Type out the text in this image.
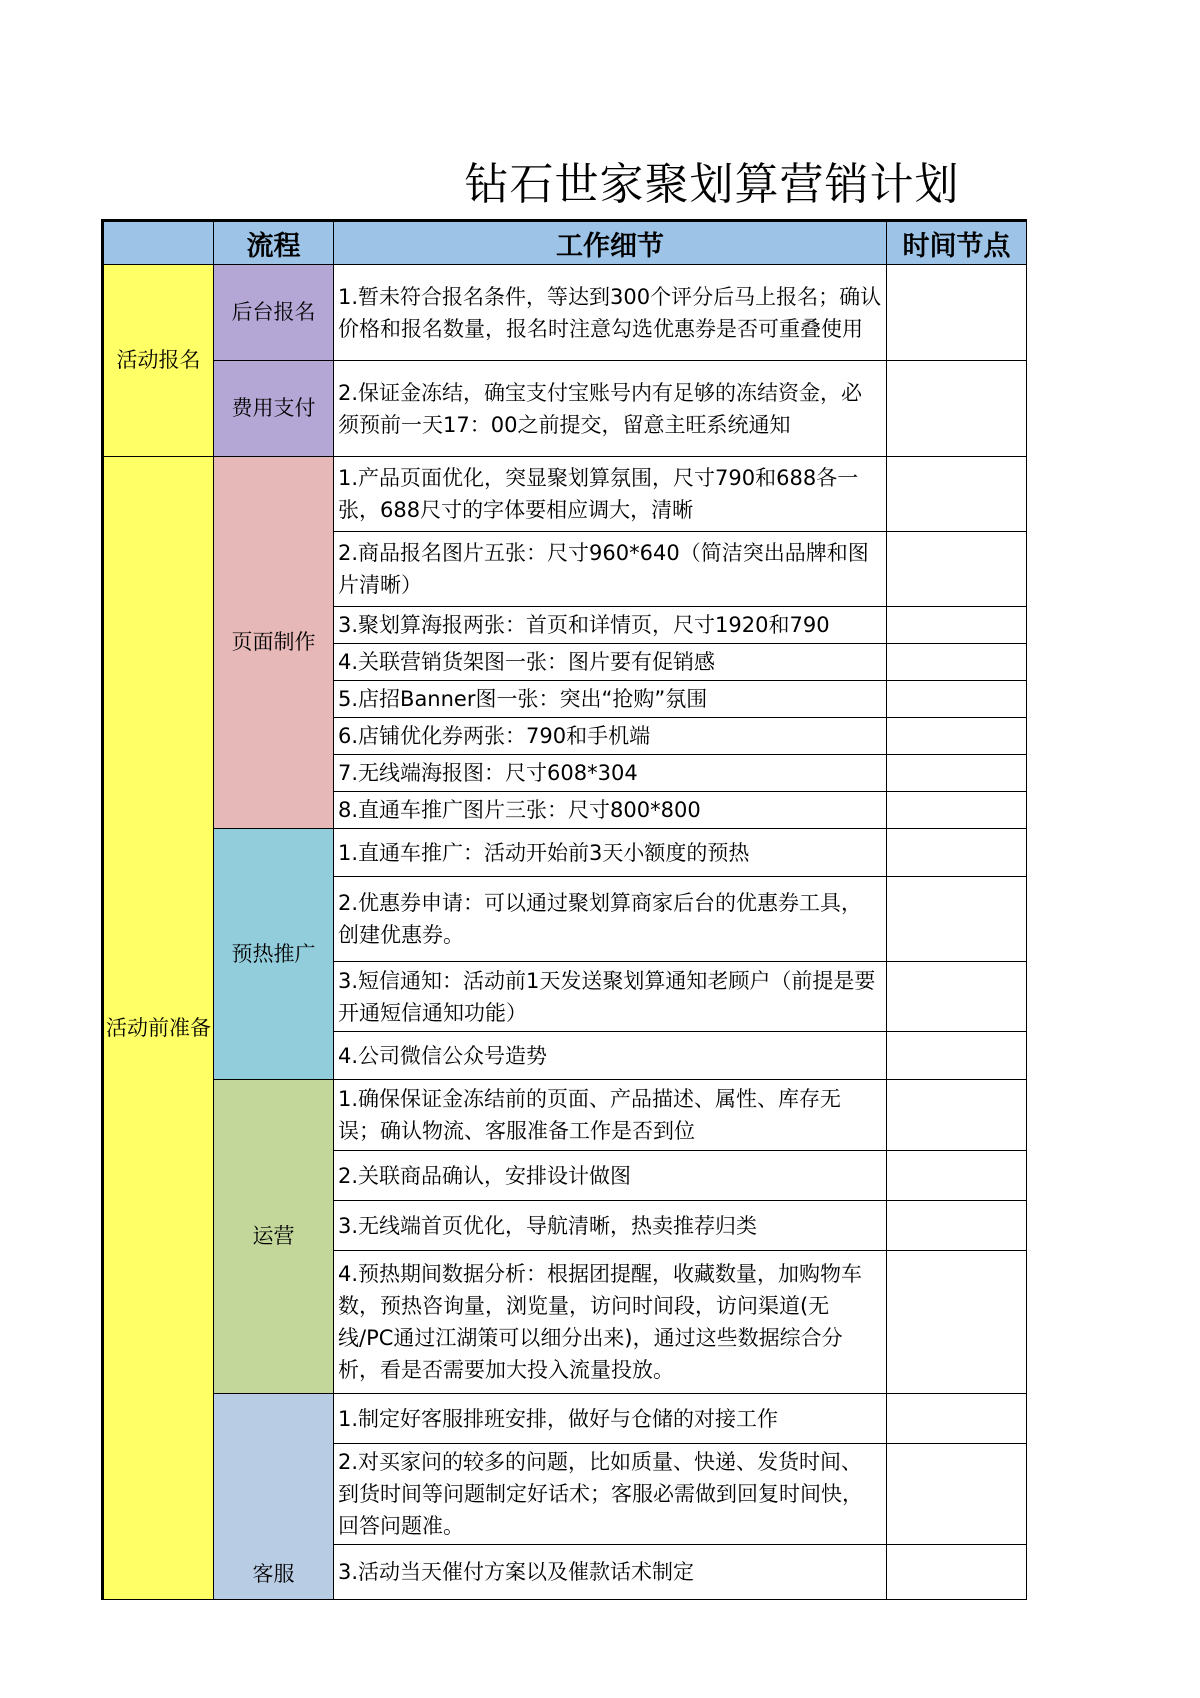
钻石世家聚划算营销计划
	流程	工作细节	时间节点
活动报名	后台报名	1.暂未符合报名条件，等达到300个评分后马上报名；确认价格和报名数量，报名时注意勾选优惠券是否可重叠使用	
	费用支付	2.保证金冻结，确宝支付宝账号内有足够的冻结资金，必须预前一天17：00之前提交，留意主旺系统通知	
活动前准备	页面制作	1.产品页面优化，突显聚划算氛围，尺寸790和688各一张，688尺寸的字体要相应调大，清晰	
		2.商品报名图片五张：尺寸960*640（简洁突出品牌和图片清晰）	
		3.聚划算海报两张：首页和详情页，尺寸1920和790	
		4.关联营销货架图一张：图片要有促销感	
		5.店招Banner图一张：突出“抢购”氛围	
		6.店铺优化券两张：790和手机端	
		7.无线端海报图：尺寸608*304	
		8.直通车推广图片三张：尺寸800*800	
	预热推广	1.直通车推广：活动开始前3天小额度的预热	
		2.优惠券申请：可以通过聚划算商家后台的优惠券工具，创建优惠券。	
		3.短信通知：活动前1天发送聚划算通知老顾户（前提是要开通短信通知功能）	
		4.公司微信公众号造势	
	运营	1.确保保证金冻结前的页面、产品描述、属性、库存无误；确认物流、客服准备工作是否到位	
		2.关联商品确认，安排设计做图	
		3.无线端首页优化，导航清晰，热卖推荐归类	
		4.预热期间数据分析：根据团提醒，收藏数量，加购物车数，预热咨询量，浏览量，访问时间段，访问渠道(无线/PC通过江湖策可以细分出来)，通过这些数据综合分析，看是否需要加大投入流量投放。	
	客服	1.制定好客服排班安排，做好与仓储的对接工作	
		2.对买家问的较多的问题，比如质量、快递、发货时间、到货时间等问题制定好话术；客服必需做到回复时间快，回答问题准。	
		3.活动当天催付方案以及催款话术制定	
